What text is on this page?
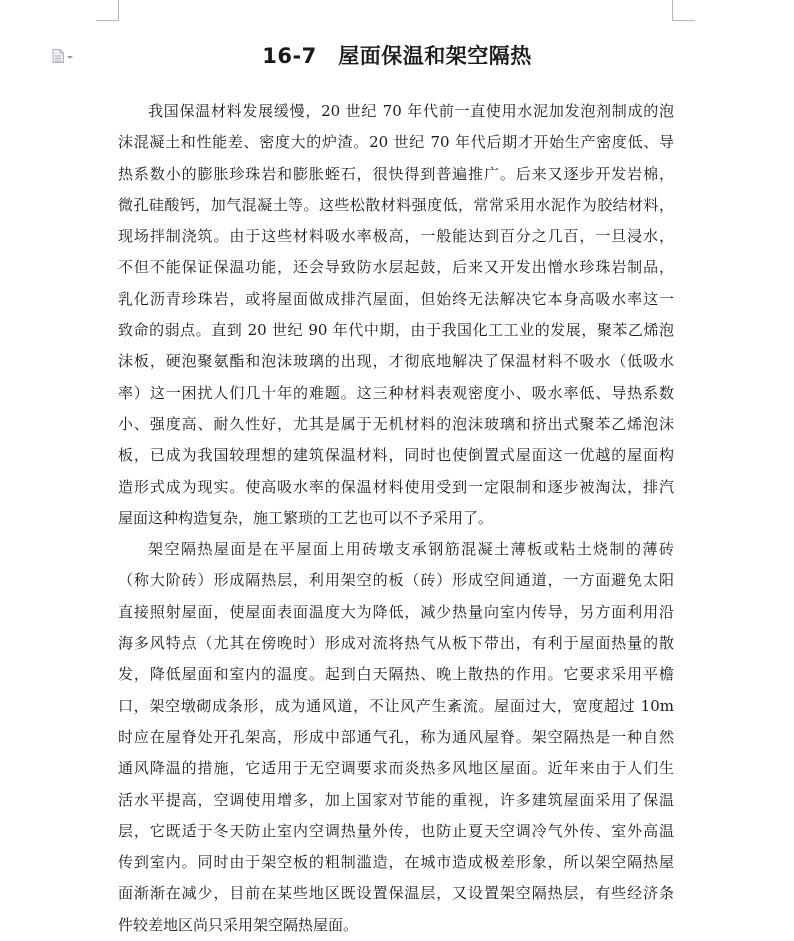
16-7　屋面保温和架空隔热
我国保温材料发展缓慢，20 世纪 70 年代前一直使用水泥加发泡剂制成的泡
沫混凝土和性能差、密度大的炉渣。20 世纪 70 年代后期才开始生产密度低、导
热系数小的膨胀珍珠岩和膨胀蛭石，很快得到普遍推广。后来又逐步开发岩棉，
微孔硅酸钙，加气混凝土等。这些松散材料强度低，常常采用水泥作为胶结材料，
现场拌制浇筑。由于这些材料吸水率极高，一般能达到百分之几百，一旦浸水，
不但不能保证保温功能，还会导致防水层起鼓，后来又开发出憎水珍珠岩制品，
乳化沥青珍珠岩，或将屋面做成排汽屋面，但始终无法解决它本身高吸水率这一
致命的弱点。直到 20 世纪 90 年代中期，由于我国化工工业的发展，聚苯乙烯泡
沫板，硬泡聚氨酯和泡沫玻璃的出现，才彻底地解决了保温材料不吸水（低吸水
率）这一困扰人们几十年的难题。这三种材料表观密度小、吸水率低、导热系数
小、强度高、耐久性好，尤其是属于无机材料的泡沫玻璃和挤出式聚苯乙烯泡沫
板，已成为我国较理想的建筑保温材料，同时也使倒置式屋面这一优越的屋面构
造形式成为现实。使高吸水率的保温材料使用受到一定限制和逐步被淘汰，排汽
屋面这种构造复杂，施工繁琐的工艺也可以不予采用了。
架空隔热屋面是在平屋面上用砖墩支承钢筋混凝土薄板或粘土烧制的薄砖
（称大阶砖）形成隔热层，利用架空的板（砖）形成空间通道，一方面避免太阳
直接照射屋面，使屋面表面温度大为降低，减少热量向室内传导，另方面利用沿
海多风特点（尤其在傍晚时）形成对流将热气从板下带出，有利于屋面热量的散
发，降低屋面和室内的温度。起到白天隔热、晚上散热的作用。它要求采用平檐
口，架空墩砌成条形，成为通风道，不让风产生紊流。屋面过大，宽度超过 10m
时应在屋脊处开孔架高，形成中部通气孔，称为通风屋脊。架空隔热是一种自然
通风降温的措施，它适用于无空调要求而炎热多风地区屋面。近年来由于人们生
活水平提高，空调使用增多，加上国家对节能的重视，许多建筑屋面采用了保温
层，它既适于冬天防止室内空调热量外传，也防止夏天空调冷气外传、室外高温
传到室内。同时由于架空板的粗制滥造，在城市造成极差形象，所以架空隔热屋
面渐渐在减少，目前在某些地区既设置保温层，又设置架空隔热层，有些经济条
件较差地区尚只采用架空隔热屋面。
